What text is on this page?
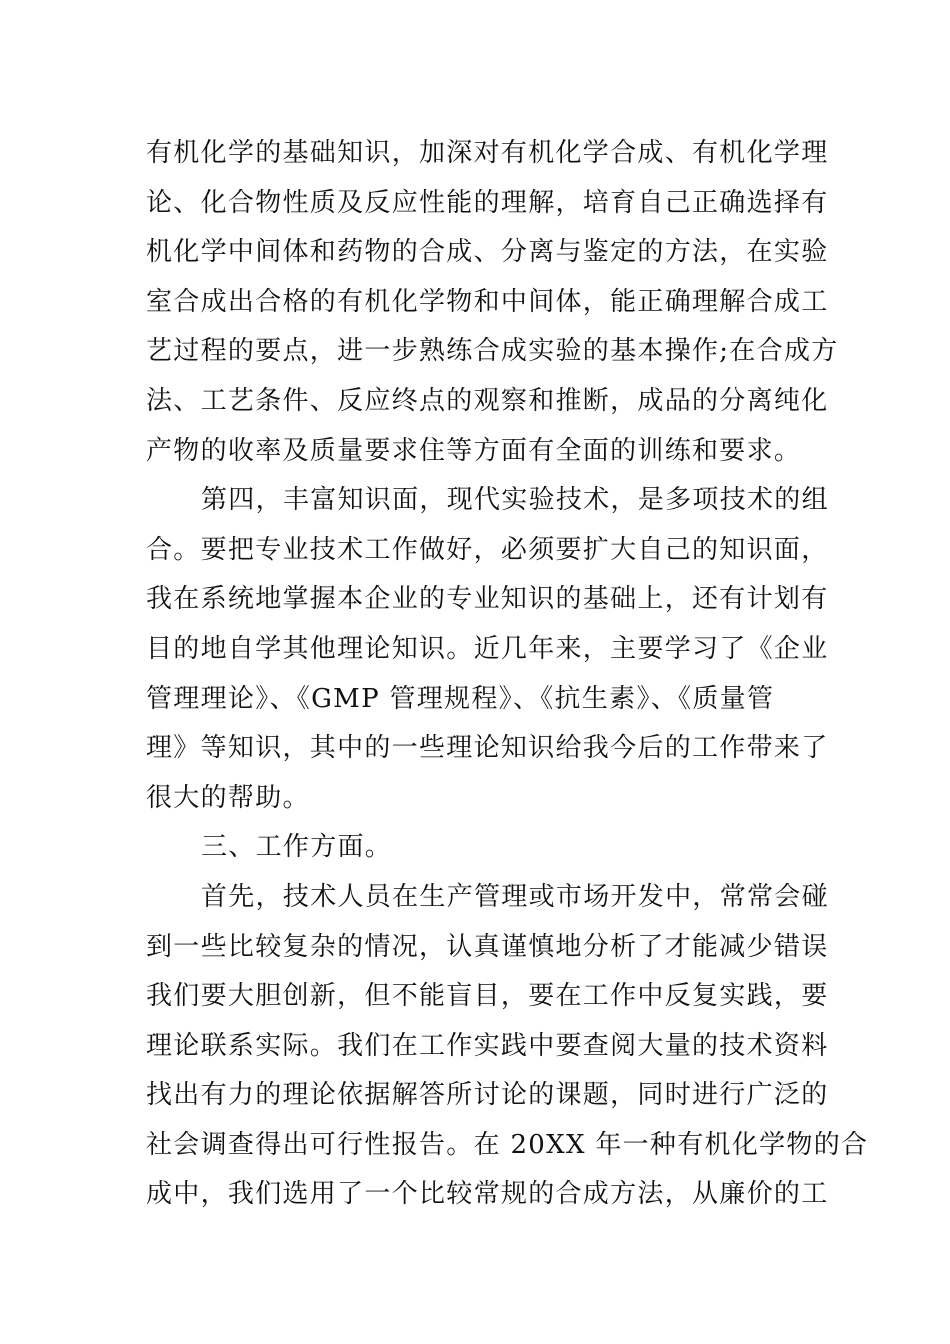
有机化学的基础知识，加深对有机化学合成、有机化学理
论、化合物性质及反应性能的理解，培育自己正确选择有
机化学中间体和药物的合成、分离与鉴定的方法，在实验
室合成出合格的有机化学物和中间体，能正确理解合成工
艺过程的要点，进一步熟练合成实验的基本操作;在合成方
法、工艺条件、反应终点的观察和推断，成品的分离纯化
产物的收率及质量要求住等方面有全面的训练和要求。
第四，丰富知识面，现代实验技术，是多项技术的组
合。要把专业技术工作做好，必须要扩大自己的知识面，
我在系统地掌握本企业的专业知识的基础上，还有计划有
目的地自学其他理论知识。近几年来，主要学习了《企业
管理理论》、《GMP 管理规程》、《抗生素》、《质量管
理》等知识，其中的一些理论知识给我今后的工作带来了
很大的帮助。
三、工作方面。
首先，技术人员在生产管理或市场开发中，常常会碰
到一些比较复杂的情况，认真谨慎地分析了才能减少错误
我们要大胆创新，但不能盲目，要在工作中反复实践，要
理论联系实际。我们在工作实践中要查阅大量的技术资料
找出有力的理论依据解答所讨论的课题，同时进行广泛的
社会调查得出可行性报告。在 20XX 年一种有机化学物的合
成中，我们选用了一个比较常规的合成方法，从廉价的工
